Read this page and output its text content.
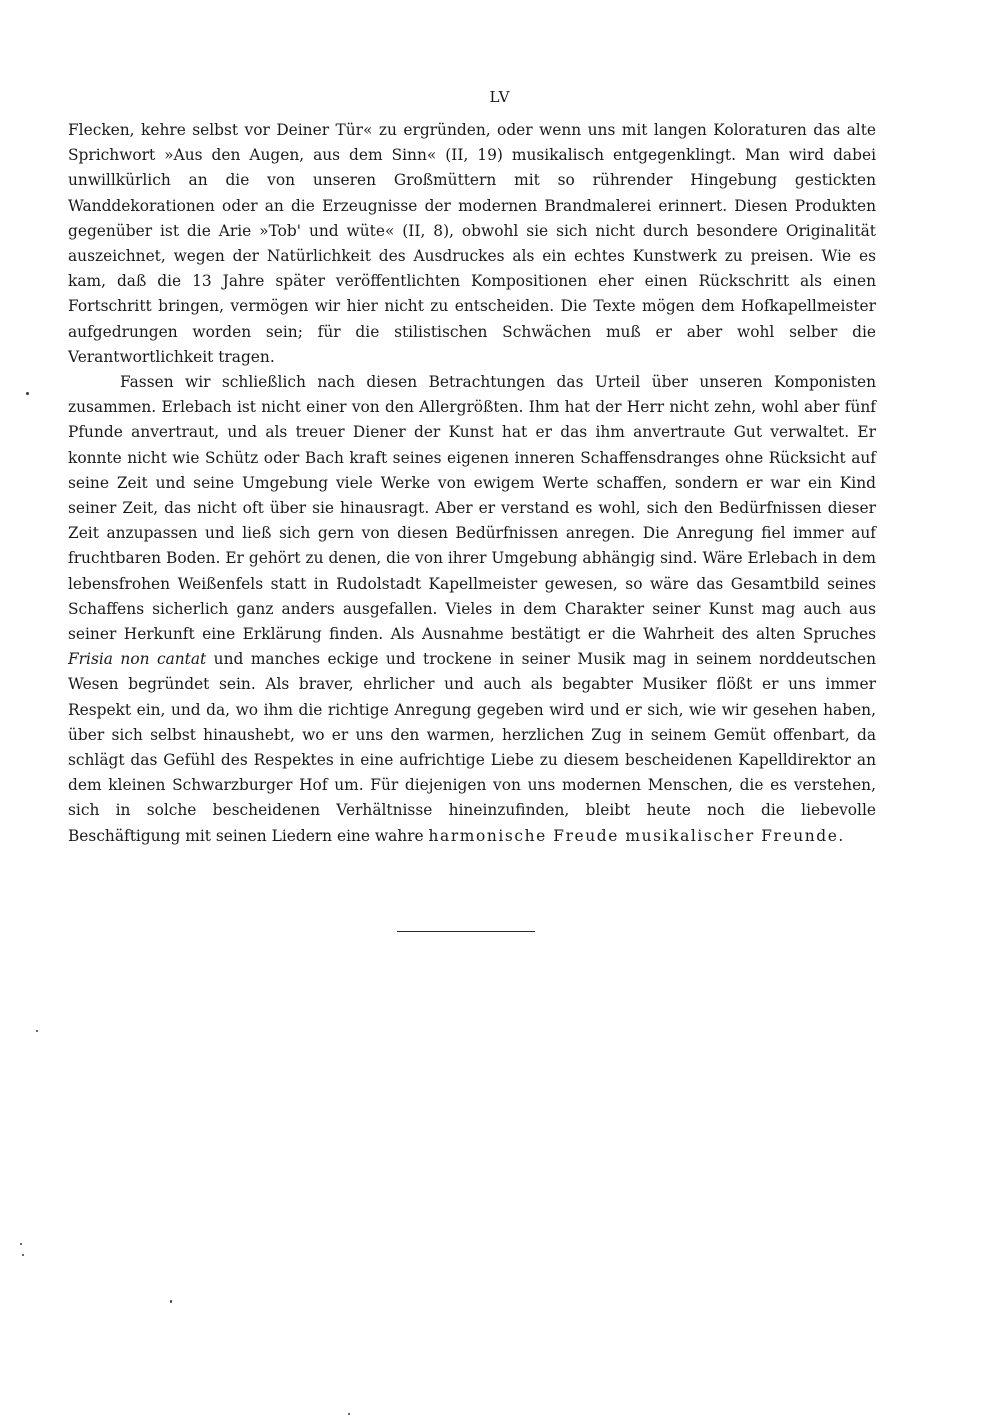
LV

Flecken, kehre selbst vor Deiner Tür« zu ergründen, oder wenn uns mit langen Koloraturen das alte Sprichwort »Aus den Augen, aus dem Sinn« (II, 19) musikalisch entgegenklingt. Man wird dabei unwillkürlich an die von unseren Großmüttern mit so rührender Hingebung gestickten Wanddekorationen oder an die Erzeugnisse der modernen Brandmalerei erinnert. Diesen Produkten gegenüber ist die Arie »Tob' und wüte« (II, 8), obwohl sie sich nicht durch besondere Originalität auszeichnet, wegen der Natürlichkeit des Ausdruckes als ein echtes Kunstwerk zu preisen. Wie es kam, daß die 13 Jahre später veröffentlichten Kompositionen eher einen Rückschritt als einen Fortschritt bringen, vermögen wir hier nicht zu entscheiden. Die Texte mögen dem Hofkapellmeister aufgedrungen worden sein; für die stilistischen Schwächen muß er aber wohl selber die Verantwortlichkeit tragen.

Fassen wir schließlich nach diesen Betrachtungen das Urteil über unseren Komponisten zusammen. Erlebach ist nicht einer von den Allergrößten. Ihm hat der Herr nicht zehn, wohl aber fünf Pfunde anvertraut, und als treuer Diener der Kunst hat er das ihm anvertraute Gut verwaltet. Er konnte nicht wie Schütz oder Bach kraft seines eigenen inneren Schaffensdranges ohne Rücksicht auf seine Zeit und seine Umgebung viele Werke von ewigem Werte schaffen, sondern er war ein Kind seiner Zeit, das nicht oft über sie hinausragt. Aber er verstand es wohl, sich den Bedürfnissen dieser Zeit anzupassen und ließ sich gern von diesen Bedürfnissen anregen. Die Anregung fiel immer auf fruchtbaren Boden. Er gehört zu denen, die von ihrer Umgebung abhängig sind. Wäre Erlebach in dem lebensfrohen Weißenfels statt in Rudolstadt Kapellmeister gewesen, so wäre das Gesamtbild seines Schaffens sicherlich ganz anders ausgefallen. Vieles in dem Charakter seiner Kunst mag auch aus seiner Herkunft eine Erklärung finden. Als Ausnahme bestätigt er die Wahrheit des alten Spruches Frisia non cantat und manches eckige und trockene in seiner Musik mag in seinem norddeutschen Wesen begründet sein. Als braver, ehrlicher und auch als begabter Musiker flößt er uns immer Respekt ein, und da, wo ihm die richtige Anregung gegeben wird und er sich, wie wir gesehen haben, über sich selbst hinaushebt, wo er uns den warmen, herzlichen Zug in seinem Gemüt offenbart, da schlägt das Gefühl des Respektes in eine aufrichtige Liebe zu diesem bescheidenen Kapelldirektor an dem kleinen Schwarzburger Hof um. Für diejenigen von uns modernen Menschen, die es verstehen, sich in solche bescheidenen Verhältnisse hineinzufinden, bleibt heute noch die liebevolle Beschäftigung mit seinen Liedern eine wahre harmonische Freude musikalischer Freunde.
